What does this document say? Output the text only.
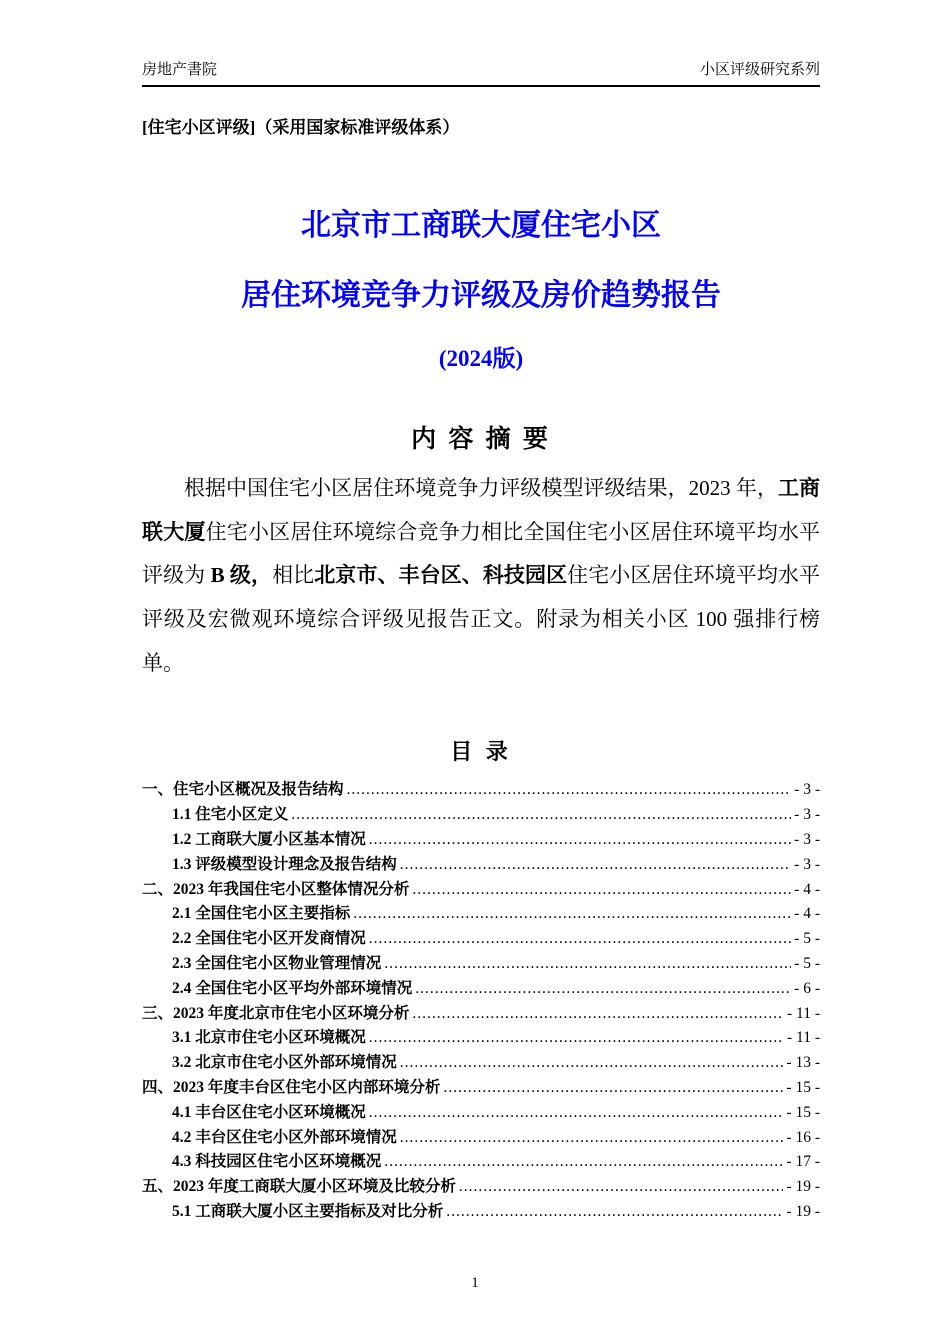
房地产書院	小区评级研究系列
[住宅小区评级]（采用国家标准评级体系）
北京市工商联大厦住宅小区
居住环境竞争力评级及房价趋势报告
(2024版)
内 容 摘 要

根据中国住宅小区居住环境竞争力评级模型评级结果，2023 年，工商联大厦住宅小区居住环境综合竞争力相比全国住宅小区居住环境平均水平评级为 B 级，相比北京市、丰台区、科技园区住宅小区居住环境平均水平评级及宏微观环境综合评级见报告正文。附录为相关小区 100 强排行榜单。

目 录
一、住宅小区概况及报告结构 .....	- 3 -
1.1 住宅小区定义 .....	- 3 -
1.2 工商联大厦小区基本情况 .....	- 3 -
1.3 评级模型设计理念及报告结构 .....	- 3 -
二、2023 年我国住宅小区整体情况分析 .....	- 4 -
2.1 全国住宅小区主要指标 .....	- 4 -
2.2 全国住宅小区开发商情况 .....	- 5 -
2.3 全国住宅小区物业管理情况 .....	- 5 -
2.4 全国住宅小区平均外部环境情况 .....	- 6 -
三、2023 年度北京市住宅小区环境分析 .....	- 11 -
3.1 北京市住宅小区环境概况 .....	- 11 -
3.2 北京市住宅小区外部环境情况 .....	- 13 -
四、2023 年度丰台区住宅小区内部环境分析 .....	- 15 -
4.1 丰台区住宅小区环境概况 .....	- 15 -
4.2 丰台区住宅小区外部环境情况 .....	- 16 -
4.3 科技园区住宅小区环境概况 .....	- 17 -
五、2023 年度工商联大厦小区环境及比较分析 .....	- 19 -
5.1 工商联大厦小区主要指标及对比分析 .....	- 19 -
1
